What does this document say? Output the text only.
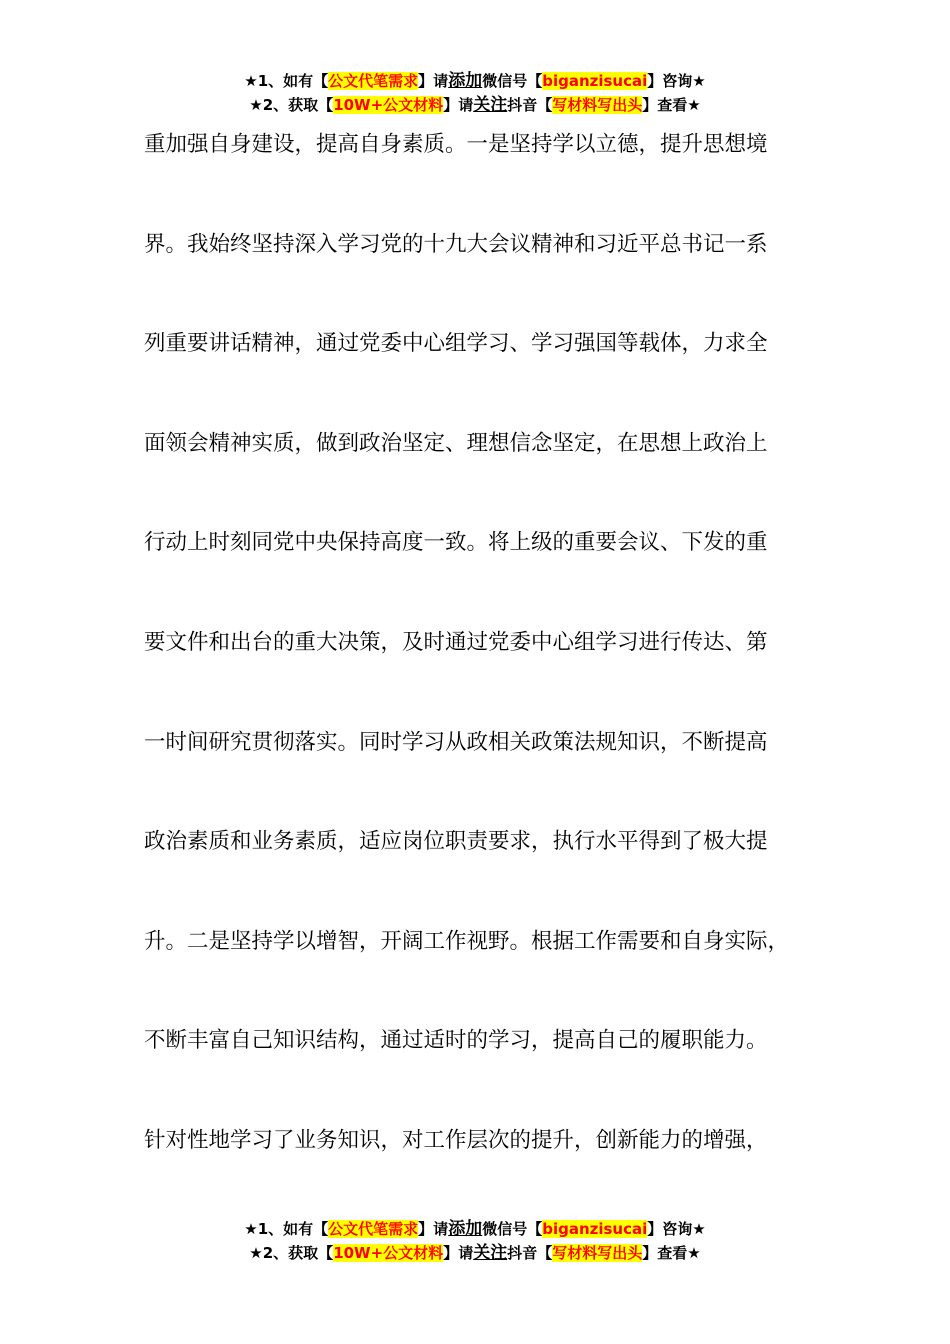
★1、如有【公文代笔需求】请添加微信号【biganzisucai】咨询★
★2、获取【10W+公文材料】请关注抖音【写材料写出头】查看★
重加强自身建设，提高自身素质。一是坚持学以立德，提升思想境
界。我始终坚持深入学习党的十九大会议精神和习近平总书记一系
列重要讲话精神，通过党委中心组学习、学习强国等载体，力求全
面领会精神实质，做到政治坚定、理想信念坚定，在思想上政治上
行动上时刻同党中央保持高度一致。将上级的重要会议、下发的重
要文件和出台的重大决策，及时通过党委中心组学习进行传达、第
一时间研究贯彻落实。同时学习从政相关政策法规知识，不断提高
政治素质和业务素质，适应岗位职责要求，执行水平得到了极大提
升。二是坚持学以增智，开阔工作视野。根据工作需要和自身实际，
不断丰富自己知识结构，通过适时的学习，提高自己的履职能力。
针对性地学习了业务知识，对工作层次的提升，创新能力的增强，
★1、如有【公文代笔需求】请添加微信号【biganzisucai】咨询★
★2、获取【10W+公文材料】请关注抖音【写材料写出头】查看★
